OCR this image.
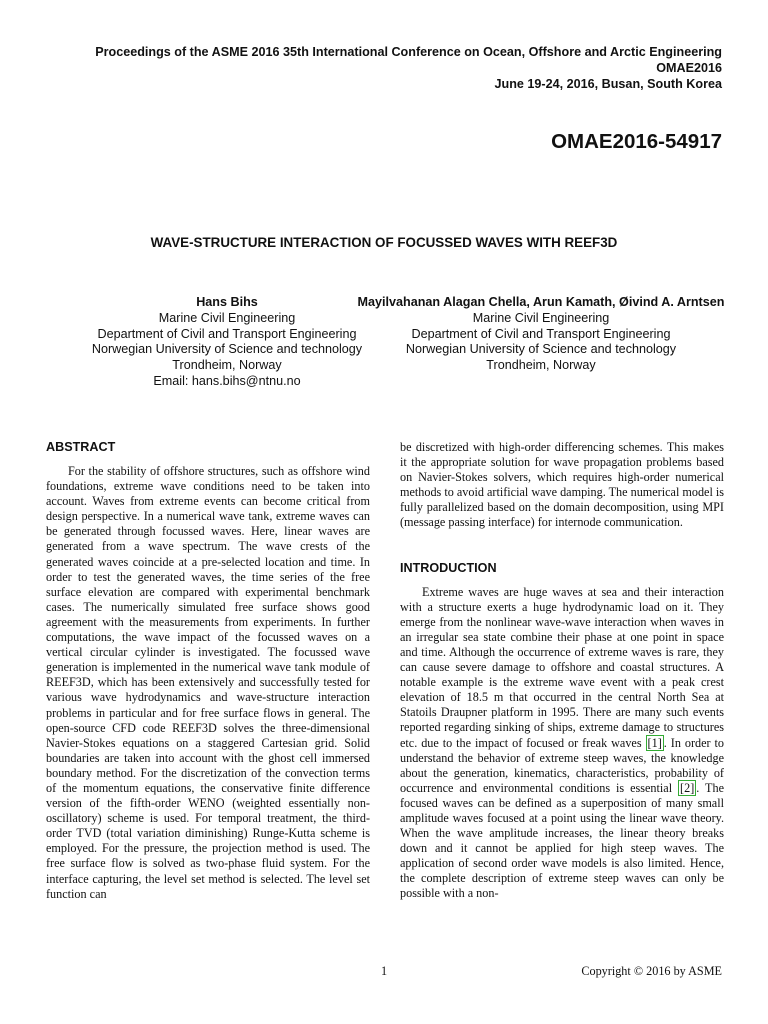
Proceedings of the ASME 2016 35th International Conference on Ocean, Offshore and Arctic Engineering
OMAE2016
June 19-24, 2016, Busan, South Korea
OMAE2016-54917
WAVE-STRUCTURE INTERACTION OF FOCUSSED WAVES WITH REEF3D
Hans Bihs
Marine Civil Engineering
Department of Civil and Transport Engineering
Norwegian University of Science and technology
Trondheim, Norway
Email: hans.bihs@ntnu.no
Mayilvahanan Alagan Chella, Arun Kamath, Øivind A. Arntsen
Marine Civil Engineering
Department of Civil and Transport Engineering
Norwegian University of Science and technology
Trondheim, Norway
ABSTRACT

For the stability of offshore structures, such as offshore wind foundations, extreme wave conditions need to be taken into account. Waves from extreme events can become critical from design perspective. In a numerical wave tank, extreme waves can be generated through focussed waves. Here, linear waves are generated from a wave spectrum. The wave crests of the generated waves coincide at a pre-selected location and time. In order to test the generated waves, the time series of the free surface elevation are compared with experimental benchmark cases. The numerically simulated free surface shows good agreement with the measurements from experiments. In further computations, the wave impact of the focussed waves on a vertical circular cylinder is investigated. The focussed wave generation is implemented in the numerical wave tank module of REEF3D, which has been extensively and successfully tested for various wave hydrodynamics and wave-structure interaction problems in particular and for free surface flows in general. The open-source CFD code REEF3D solves the three-dimensional Navier-Stokes equations on a staggered Cartesian grid. Solid boundaries are taken into account with the ghost cell immersed boundary method. For the discretization of the convection terms of the momentum equations, the conservative finite difference version of the fifth-order WENO (weighted essentially non-oscillatory) scheme is used. For temporal treatment, the third-order TVD (total variation diminishing) Runge-Kutta scheme is employed. For the pressure, the projection method is used. The free surface flow is solved as two-phase fluid system. For the interface capturing, the level set method is selected. The level set function can

be discretized with high-order differencing schemes. This makes it the appropriate solution for wave propagation problems based on Navier-Stokes solvers, which requires high-order numerical methods to avoid artificial wave damping. The numerical model is fully parallelized based on the domain decomposition, using MPI (message passing interface) for internode communication.

INTRODUCTION

Extreme waves are huge waves at sea and their interaction with a structure exerts a huge hydrodynamic load on it. They emerge from the nonlinear wave-wave interaction when waves in an irregular sea state combine their phase at one point in space and time. Although the occurrence of extreme waves is rare, they can cause severe damage to offshore and coastal structures. A notable example is the extreme wave event with a peak crest elevation of 18.5 m that occurred in the central North Sea at Statoils Draupner platform in 1995. There are many such events reported regarding sinking of ships, extreme damage to structures etc. due to the impact of focused or freak waves [1] . In order to understand the behavior of extreme steep waves, the knowledge about the generation, kinematics, characteristics, probability of occurrence and environmental conditions is essential [2] . The focused waves can be defined as a superposition of many small amplitude waves focused at a point using the linear wave theory. When the wave amplitude increases, the linear theory breaks down and it cannot be applied for high steep waves. The application of second order wave models is also limited. Hence, the complete description of extreme steep waves can only be possible with a non-

1	Copyright © 2016 by ASME
